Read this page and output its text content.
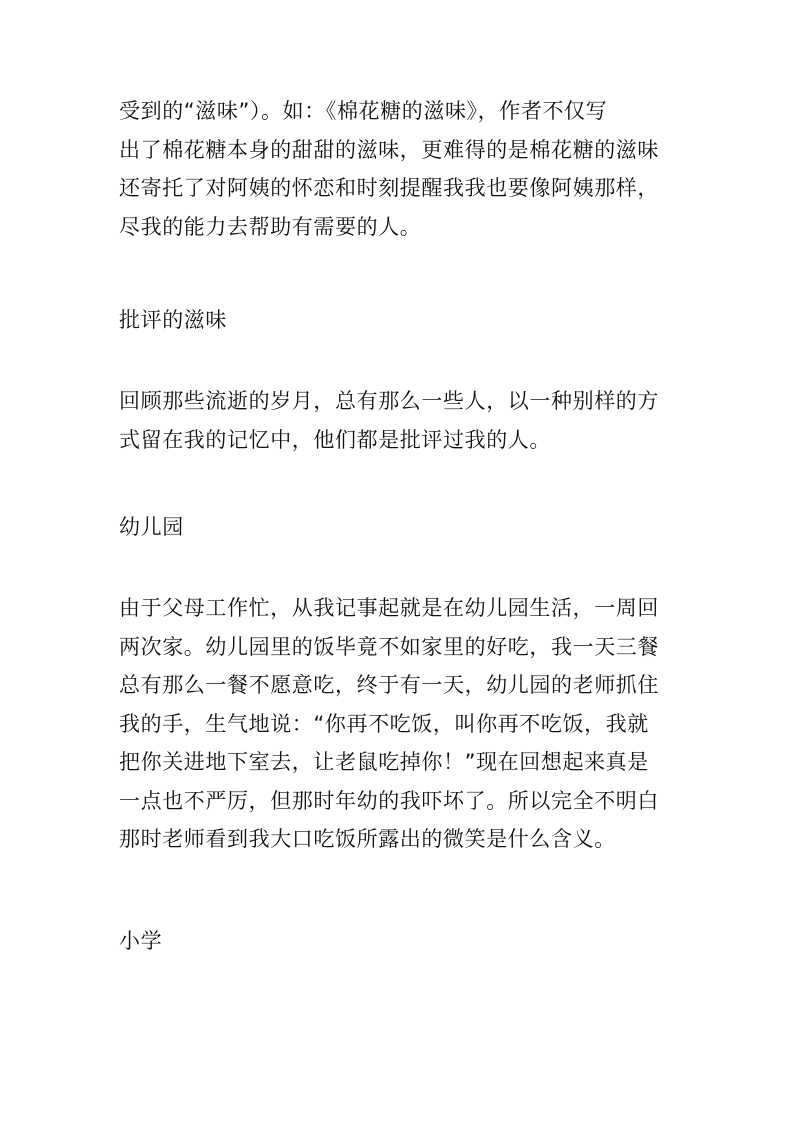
受到的“滋味”）。如：《棉花糖的滋味》，作者不仅写
出了棉花糖本身的甜甜的滋味，更难得的是棉花糖的滋味
还寄托了对阿姨的怀恋和时刻提醒我我也要像阿姨那样，
尽我的能力去帮助有需要的人。
批评的滋味
回顾那些流逝的岁月，总有那么一些人，以一种别样的方
式留在我的记忆中，他们都是批评过我的人。
幼儿园
由于父母工作忙，从我记事起就是在幼儿园生活，一周回
两次家。幼儿园里的饭毕竟不如家里的好吃，我一天三餐
总有那么一餐不愿意吃，终于有一天，幼儿园的老师抓住
我的手，生气地说：“你再不吃饭，叫你再不吃饭，我就
把你关进地下室去，让老鼠吃掉你！”现在回想起来真是
一点也不严厉，但那时年幼的我吓坏了。所以完全不明白
那时老师看到我大口吃饭所露出的微笑是什么含义。
小学
